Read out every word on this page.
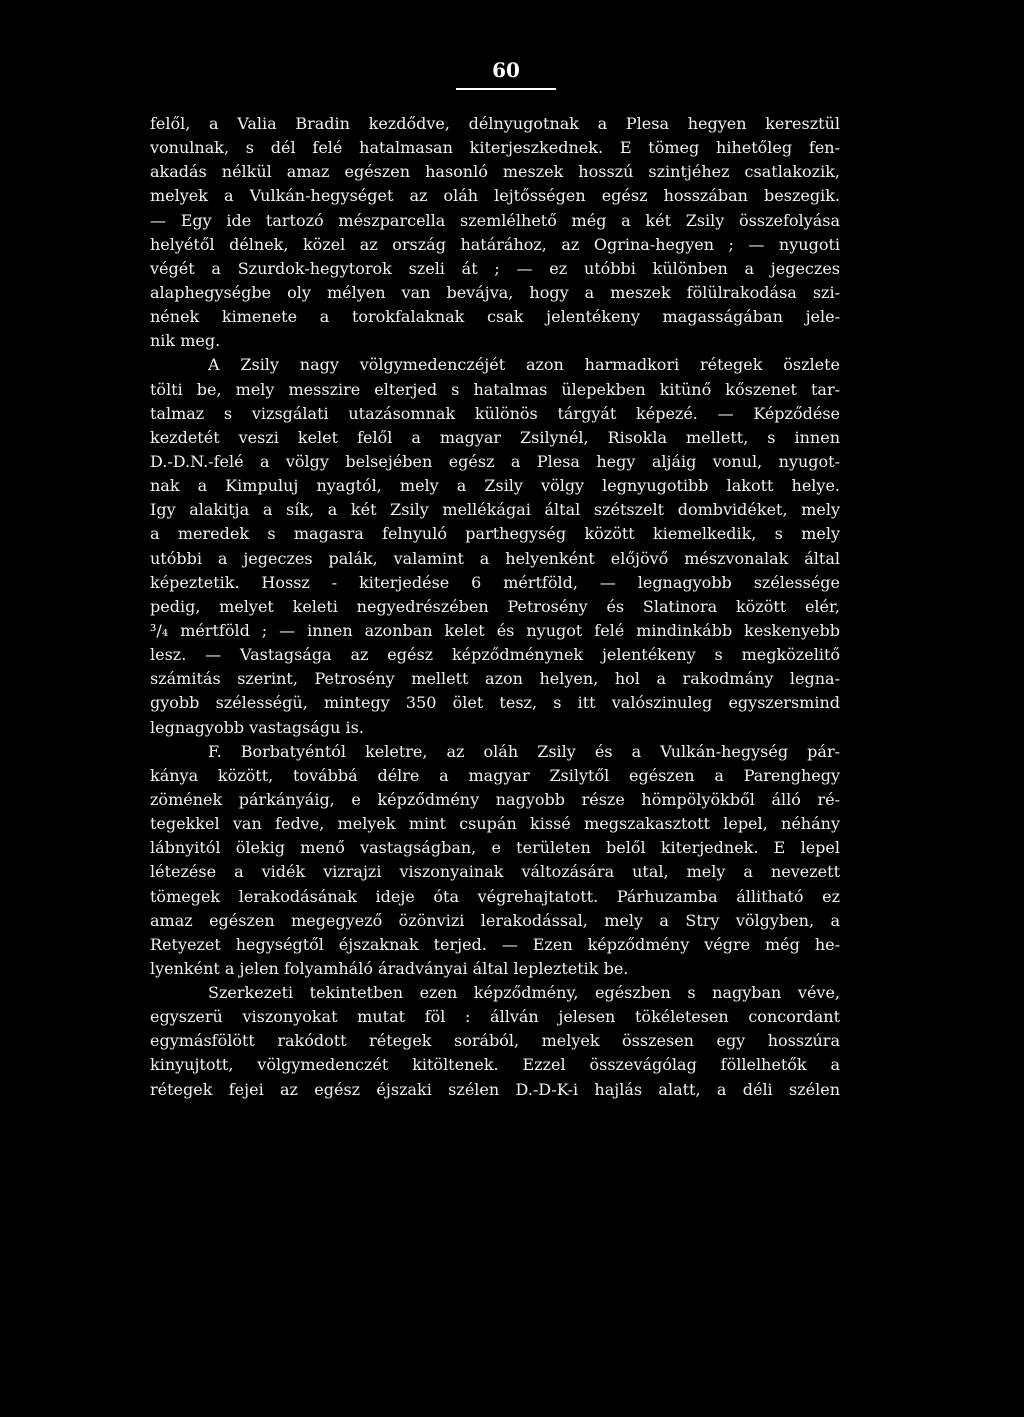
60
felől, a Valia Bradin kezdődve, délnyugotnak a Plesa hegyen keresztül
vonulnak, s dél felé hatalmasan kiterjeszkednek. E tömeg hihetőleg fen-
akadás nélkül amaz egészen hasonló meszek hosszú szintjéhez csatlakozik,
melyek a Vulkán-hegységet az oláh lejtősségen egész hosszában beszegik.
— Egy ide tartozó mészparcella szemlélhető még a két Zsily összefolyása
helyétől délnek, közel az ország határához, az Ogrina-hegyen ; — nyugoti
végét a Szurdok-hegytorok szeli át ; — ez utóbbi különben a jegeczes
alaphegységbe oly mélyen van bevájva, hogy a meszek fölülrakodása szi-
nének kimenete a torokfalaknak csak jelentékeny magasságában jele-
nik meg.
A Zsily nagy völgymedenczéjét azon harmadkori rétegek öszlete
tölti be, mely messzire elterjed s hatalmas ülepekben kitünő kőszenet tar-
talmaz s vizsgálati utazásomnak különös tárgyát képezé. — Képződése
kezdetét veszi kelet felől a magyar Zsilynél, Risokla mellett, s innen
D.-D.N.-felé a völgy belsejében egész a Plesa hegy aljáig vonul, nyugot-
nak a Kimpuluj nyagtól, mely a Zsily völgy legnyugotibb lakott helye.
Igy alakitja a sík, a két Zsily mellékágai által szétszelt dombvidéket, mely
a meredek s magasra felnyuló parthegység között kiemelkedik, s mely
utóbbi a jegeczes palák, valamint a helyenként előjövő mészvonalak által
képeztetik. Hossz - kiterjedése 6 mértföld, — legnagyobb szélessége
pedig, melyet keleti negyedrészében Petrosény és Slatinora között elér,
³/₄ mértföld ; — innen azonban kelet és nyugot felé mindinkább keskenyebb
lesz. — Vastagsága az egész képződménynek jelentékeny s megközelitő
számitás szerint, Petrosény mellett azon helyen, hol a rakodmány legna-
gyobb szélességü, mintegy 350 ölet tesz, s itt valószinuleg egyszersmind
legnagyobb vastagságu is.
F. Borbatyéntól keletre, az oláh Zsily és a Vulkán-hegység pár-
kánya között, továbbá délre a magyar Zsilytől egészen a Parenghegy
zömének párkányáig, e képződmény nagyobb része hömpölyökből álló ré-
tegekkel van fedve, melyek mint csupán kissé megszakasztott lepel, néhány
lábnyitól ölekig menő vastagságban, e területen belől kiterjednek. E lepel
létezése a vidék vizrajzi viszonyainak változására utal, mely a nevezett
tömegek lerakodásának ideje óta végrehajtatott. Párhuzamba állitható ez
amaz egészen megegyező özönvizi lerakodással, mely a Stry völgyben, a
Retyezet hegységtől éjszaknak terjed. — Ezen képződmény végre még he-
lyenként a jelen folyamháló áradványai által lepleztetik be.
Szerkezeti tekintetben ezen képződmény, egészben s nagyban véve,
egyszerü viszonyokat mutat föl : állván jelesen tökéletesen concordant
egymásfölött rakódott rétegek sorából, melyek összesen egy hosszúra
kinyujtott, völgymedenczét kitöltenek. Ezzel összevágólag föllelhetők a
rétegek fejei az egész éjszaki szélen D.-D-K-i hajlás alatt, a déli szélen
